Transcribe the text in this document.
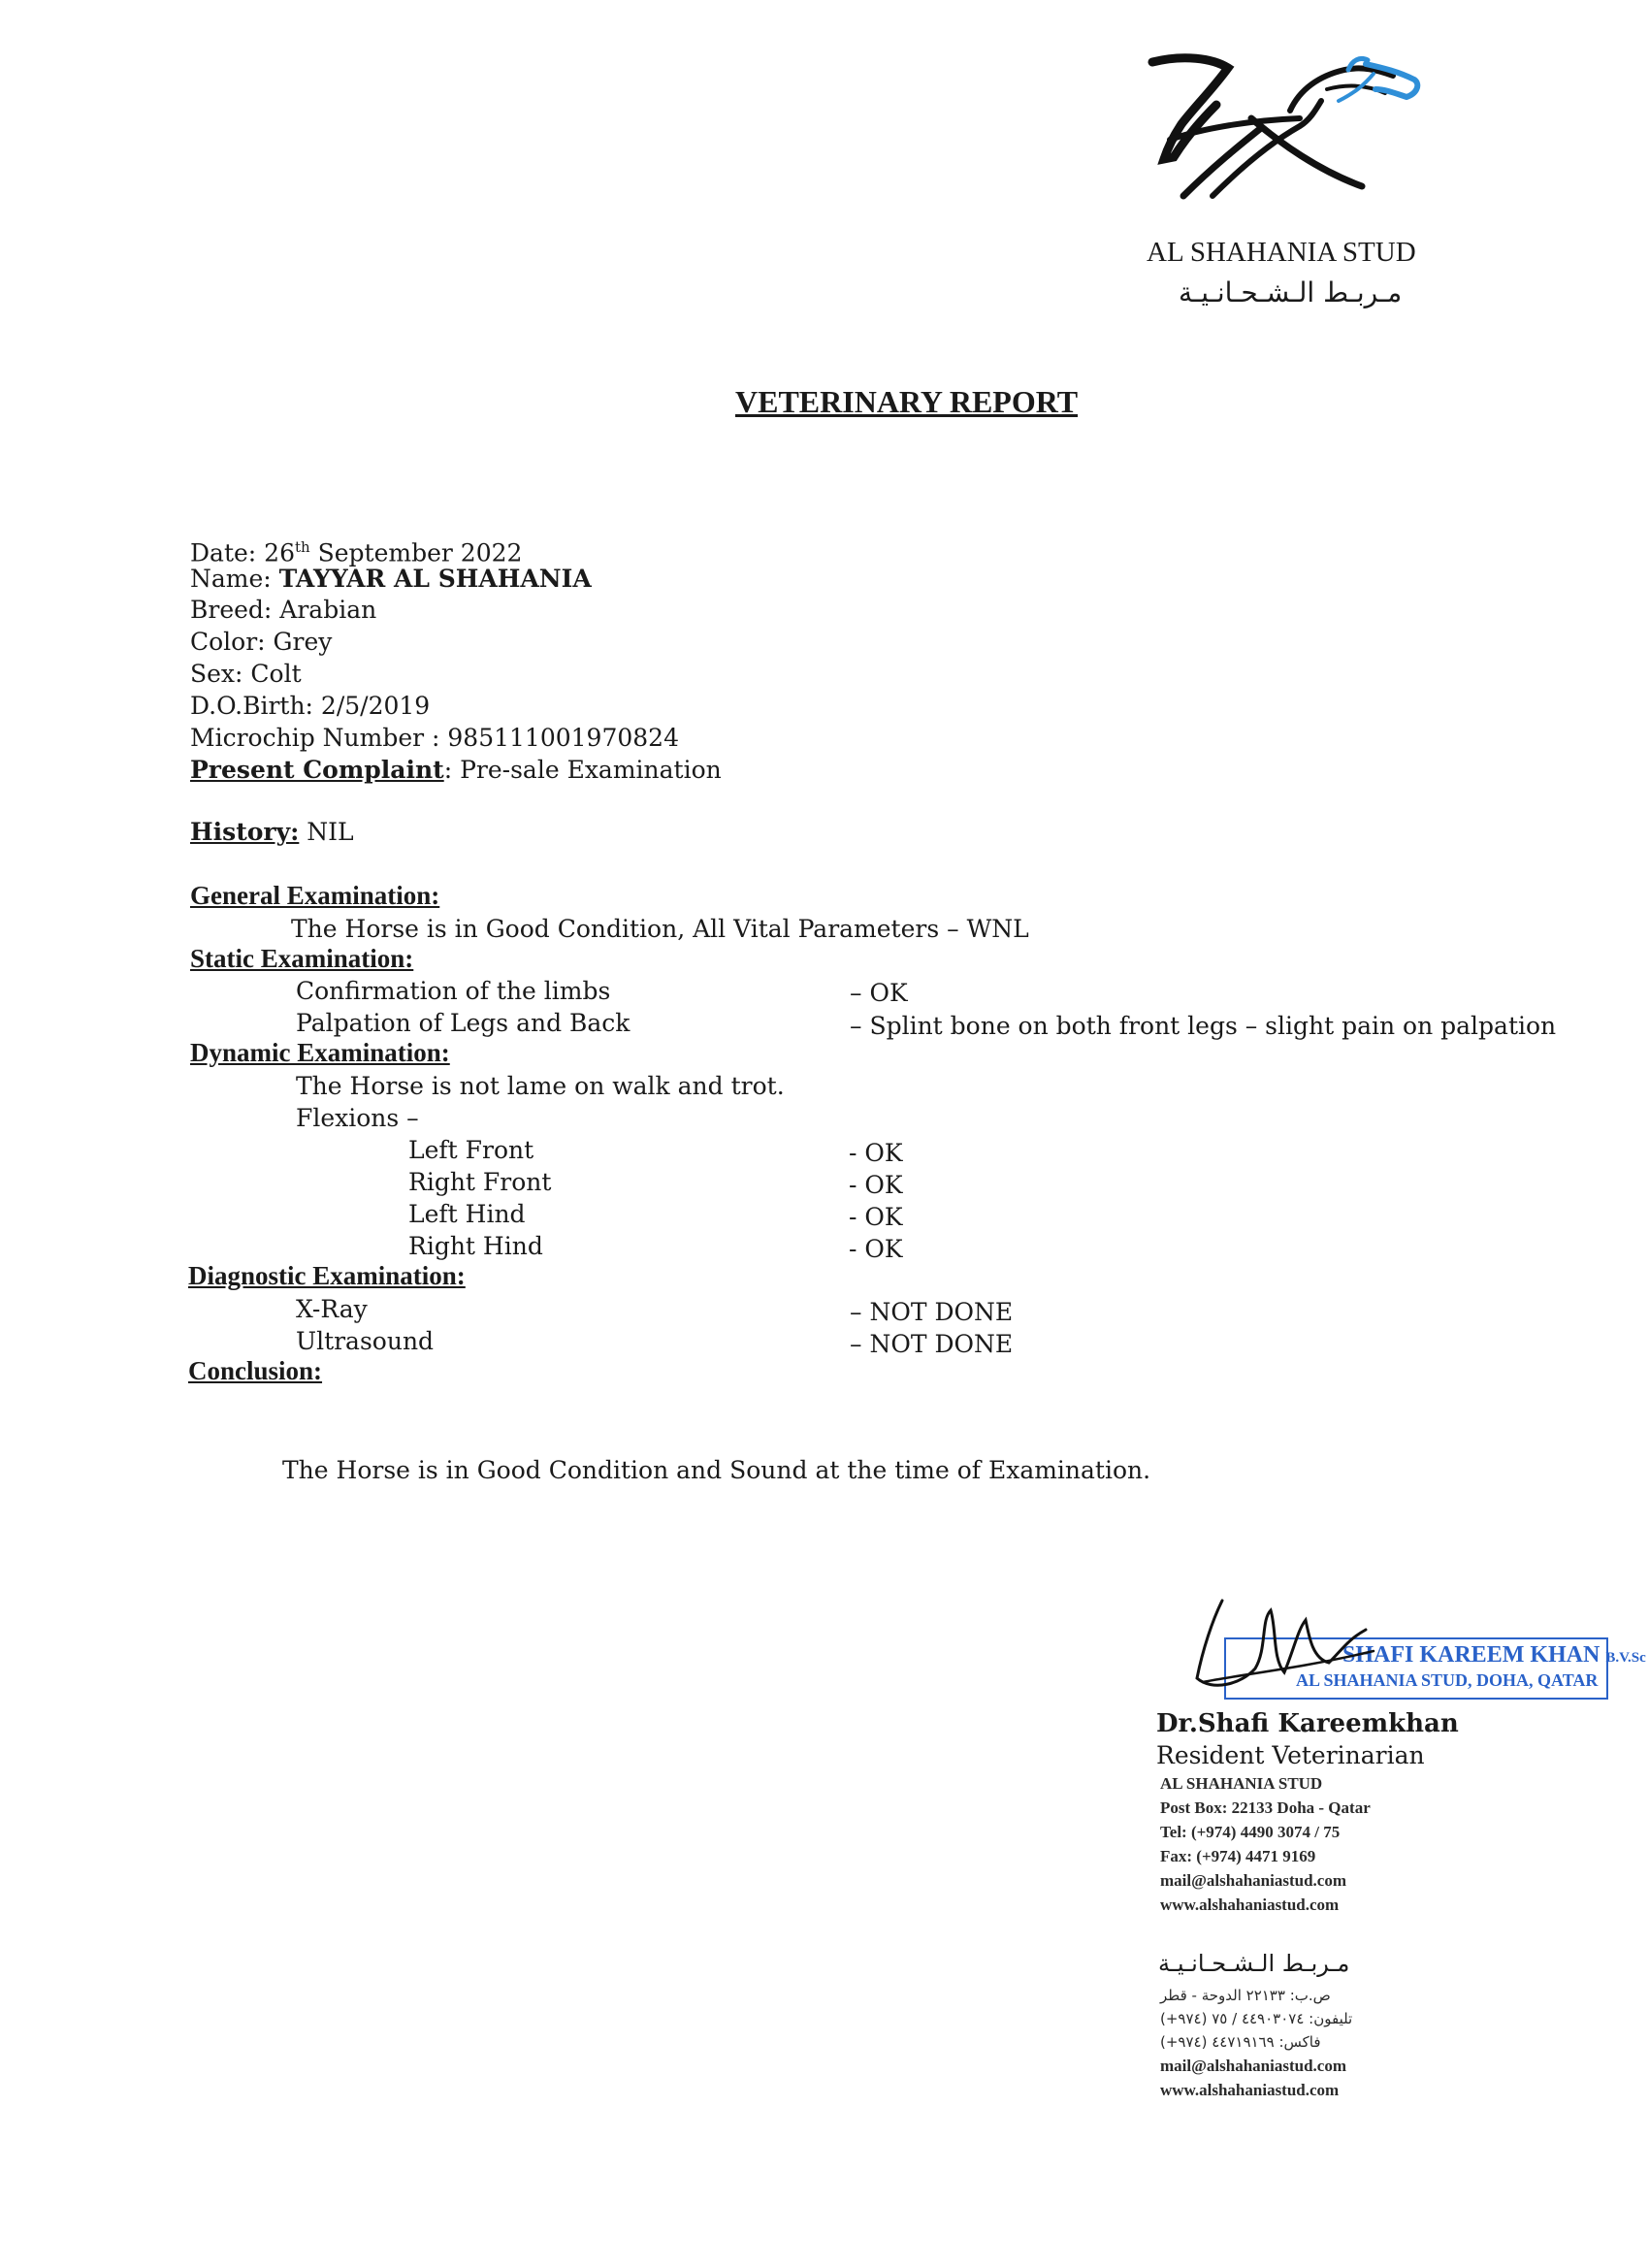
AL SHAHANIA STUD
مـربـط الـشـحـانـيـة
VETERINARY REPORT
Date: 26th September 2022
Name: TAYYAR AL SHAHANIA
Breed: Arabian
Color: Grey
Sex: Colt
D.O.Birth: 2/5/2019
Microchip Number : 985111001970824
Present Complaint: Pre-sale Examination
History: NIL
General Examination:
The Horse is in Good Condition, All Vital Parameters – WNL
Static Examination:
Confirmation of the limbs	– OK
Palpation of Legs and Back	– Splint bone on both front legs – slight pain on palpation
Dynamic Examination:
The Horse is not lame on walk and trot.
Flexions –
Left Front	- OK
Right Front	- OK
Left Hind	- OK
Right Hind	- OK
Diagnostic Examination:
X-Ray	– NOT DONE
Ultrasound	– NOT DONE
Conclusion:
The Horse is in Good Condition and Sound at the time of Examination.
SHAFI KAREEM KHAN B.V.Sc
AL SHAHANIA STUD, DOHA, QATAR
Dr.Shafi Kareemkhan
Resident Veterinarian
AL SHAHANIA STUD
Post Box: 22133 Doha - Qatar
Tel: (+974) 4490 3074 / 75
Fax: (+974) 4471 9169
mail@alshahaniastud.com
www.alshahaniastud.com
مـربـط الـشـحـانـيـة
ص.ب: ٢٢١٣٣ الدوحة - قطر
تليفون: ٤٤٩٠٣٠٧٤ / ٧٥ (٩٧٤+)
فاكس: ٤٤٧١٩١٦٩ (٩٧٤+)
mail@alshahaniastud.com
www.alshahaniastud.com
